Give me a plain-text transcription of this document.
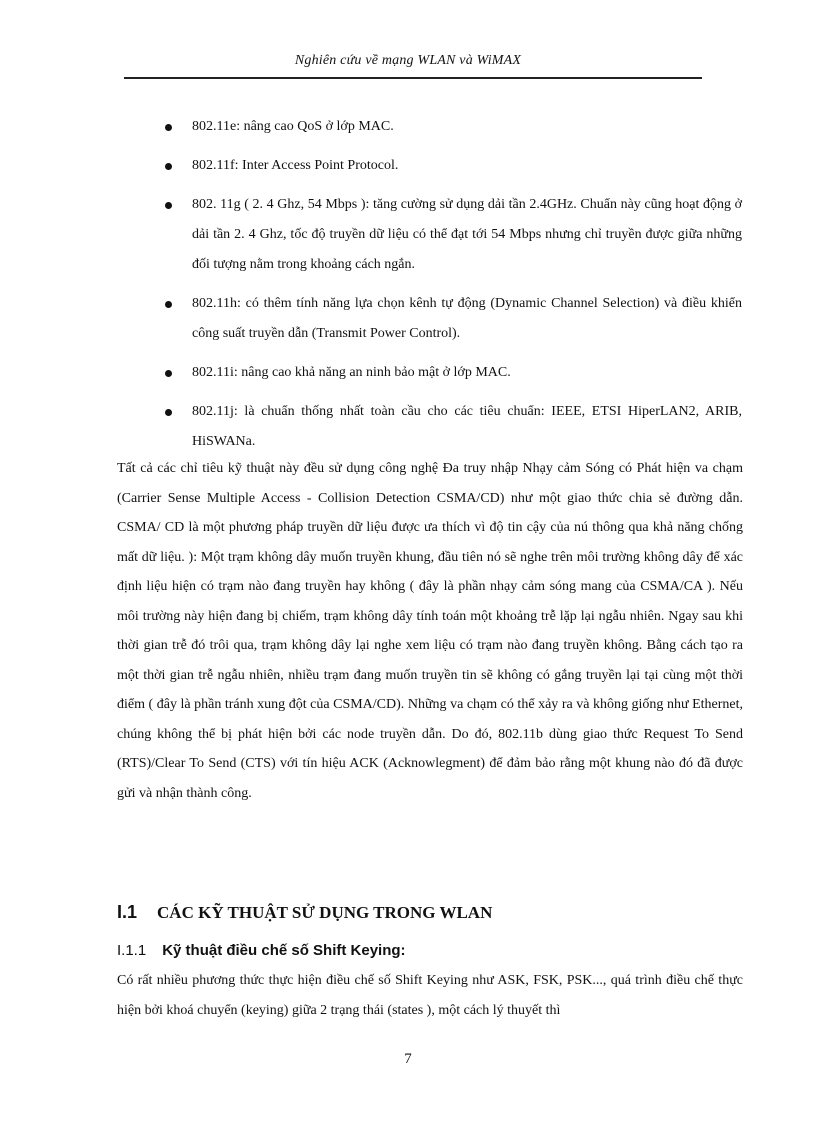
Nghiên cứu về mạng WLAN và WiMAX
802.11e: nâng cao QoS ở lớp MAC.
802.11f: Inter Access Point Protocol.
802. 11g ( 2. 4 Ghz, 54 Mbps ): tăng cường sử dụng dải tần 2.4GHz. Chuẩn này cũng hoạt động ở dải tần 2. 4 Ghz, tốc độ truyền dữ liệu có thể đạt tới 54 Mbps nhưng chỉ truyền được giữa những đối tượng nằm trong khoảng cách ngắn.
802.11h: có thêm tính năng lựa chọn kênh tự động (Dynamic Channel Selection) và điều khiển công suất truyền dẫn (Transmit Power Control).
802.11i: nâng cao khả năng an ninh bảo mật ở lớp MAC.
802.11j: là chuẩn thống nhất toàn cầu cho các tiêu chuẩn: IEEE, ETSI HiperLAN2, ARIB, HiSWANa.

Tất cả các chỉ tiêu kỹ thuật này đều sử dụng công nghệ Đa truy nhập Nhạy cảm Sóng có Phát hiện va chạm (Carrier Sense Multiple Access - Collision Detection CSMA/CD) như một giao thức chia sẻ đường dẫn. CSMA/ CD là một phương pháp truyền dữ liệu được ưa thích vì độ tin cậy của nú thông qua khả năng chống mất dữ liệu. ): Một trạm không dây muốn truyền khung, đầu tiên nó sẽ nghe trên môi trường không dây để xác định liệu hiện có trạm nào đang truyền hay không ( đây là phần nhạy cảm sóng mang của CSMA/CA ). Nếu môi trường này hiện đang bị chiếm, trạm không dây tính toán một khoảng trễ lặp lại ngẫu nhiên. Ngay sau khi thời gian trễ đó trôi qua, trạm không dây lại nghe xem liệu có trạm nào đang truyền không. Bằng cách tạo ra một thời gian trễ ngẫu nhiên, nhiều trạm đang muốn truyền tin sẽ không có gắng truyền lại tại cùng một thời điểm ( đây là phần tránh xung đột của CSMA/CD). Những va chạm có thể xảy ra và không giống như Ethernet, chúng không thể bị phát hiện bởi các node truyền dẫn. Do đó, 802.11b dùng giao thức Request To Send (RTS)/Clear To Send (CTS) với tín hiệu ACK (Acknowlegment) để đảm bảo rằng một khung nào đó đã được gửi và nhận thành công.

I.1 CÁC KỸ THUẬT SỬ DỤNG TRONG WLAN
I.1.1 Kỹ thuật điều chế số Shift Keying:

Có rất nhiều phương thức thực hiện điều chế số Shift Keying như ASK, FSK, PSK..., quá trình điều chế thực hiện bởi khoá chuyển (keying) giữa 2 trạng thái (states ), một cách lý thuyết thì

7
